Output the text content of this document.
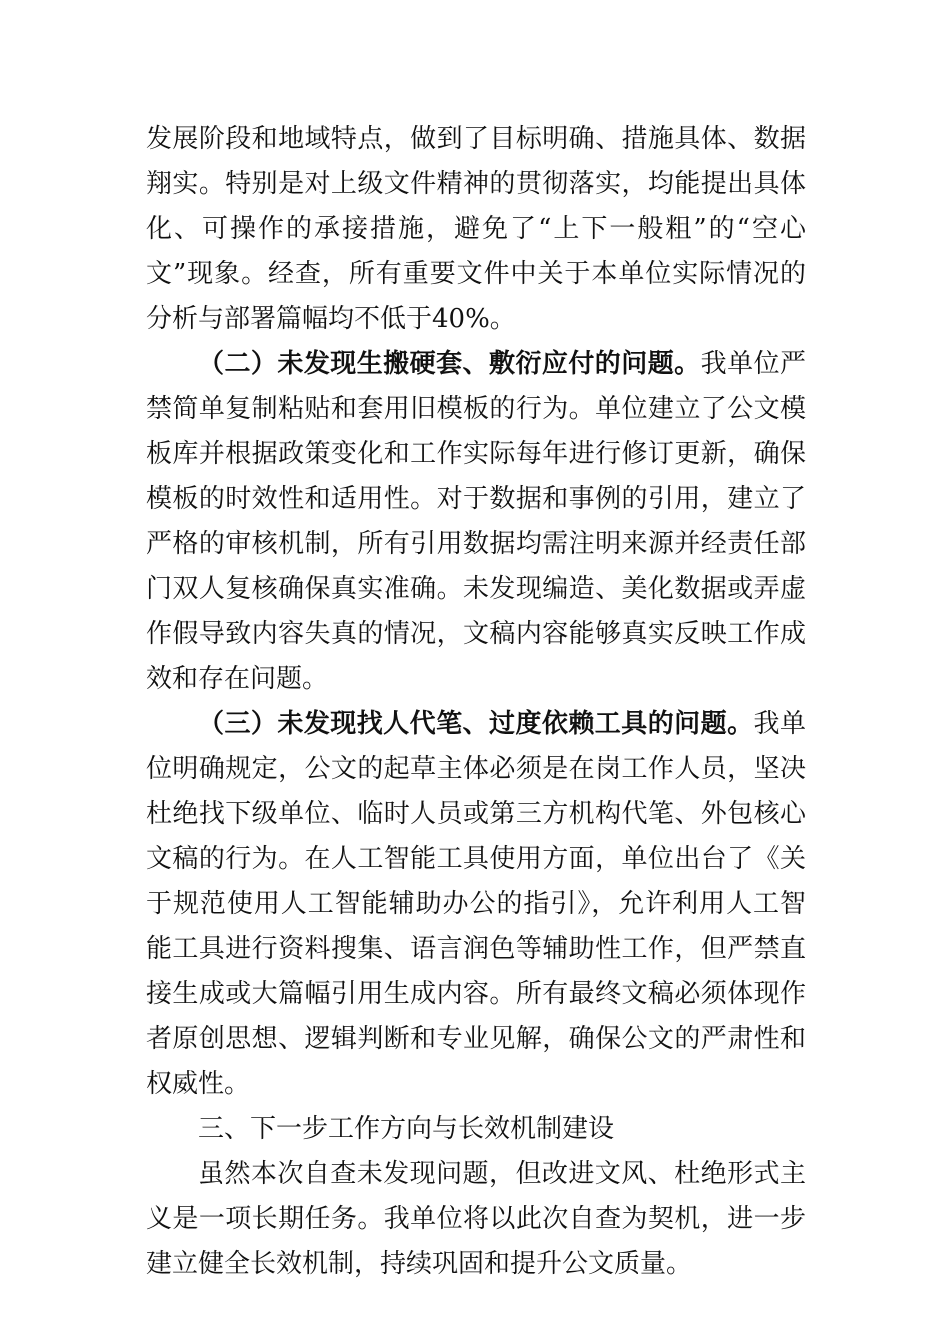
发展阶段和地域特点，做到了目标明确、措施具体、数据翔实。特别是对上级文件精神的贯彻落实，均能提出具体化、可操作的承接措施，避免了“上下一般粗”的“空心文”现象。经查，所有重要文件中关于本单位实际情况的分析与部署篇幅均不低于40%。

（二）未发现生搬硬套、敷衍应付的问题。我单位严禁简单复制粘贴和套用旧模板的行为。单位建立了公文模板库并根据政策变化和工作实际每年进行修订更新，确保模板的时效性和适用性。对于数据和事例的引用，建立了严格的审核机制，所有引用数据均需注明来源并经责任部门双人复核确保真实准确。未发现编造、美化数据或弄虚作假导致内容失真的情况，文稿内容能够真实反映工作成效和存在问题。

（三）未发现找人代笔、过度依赖工具的问题。我单位明确规定，公文的起草主体必须是在岗工作人员，坚决杜绝找下级单位、临时人员或第三方机构代笔、外包核心文稿的行为。在人工智能工具使用方面，单位出台了《关于规范使用人工智能辅助办公的指引》，允许利用人工智能工具进行资料搜集、语言润色等辅助性工作，但严禁直接生成或大篇幅引用生成内容。所有最终文稿必须体现作者原创思想、逻辑判断和专业见解，确保公文的严肃性和权威性。

三、下一步工作方向与长效机制建设

虽然本次自查未发现问题，但改进文风、杜绝形式主义是一项长期任务。我单位将以此次自查为契机，进一步建立健全长效机制，持续巩固和提升公文质量。
